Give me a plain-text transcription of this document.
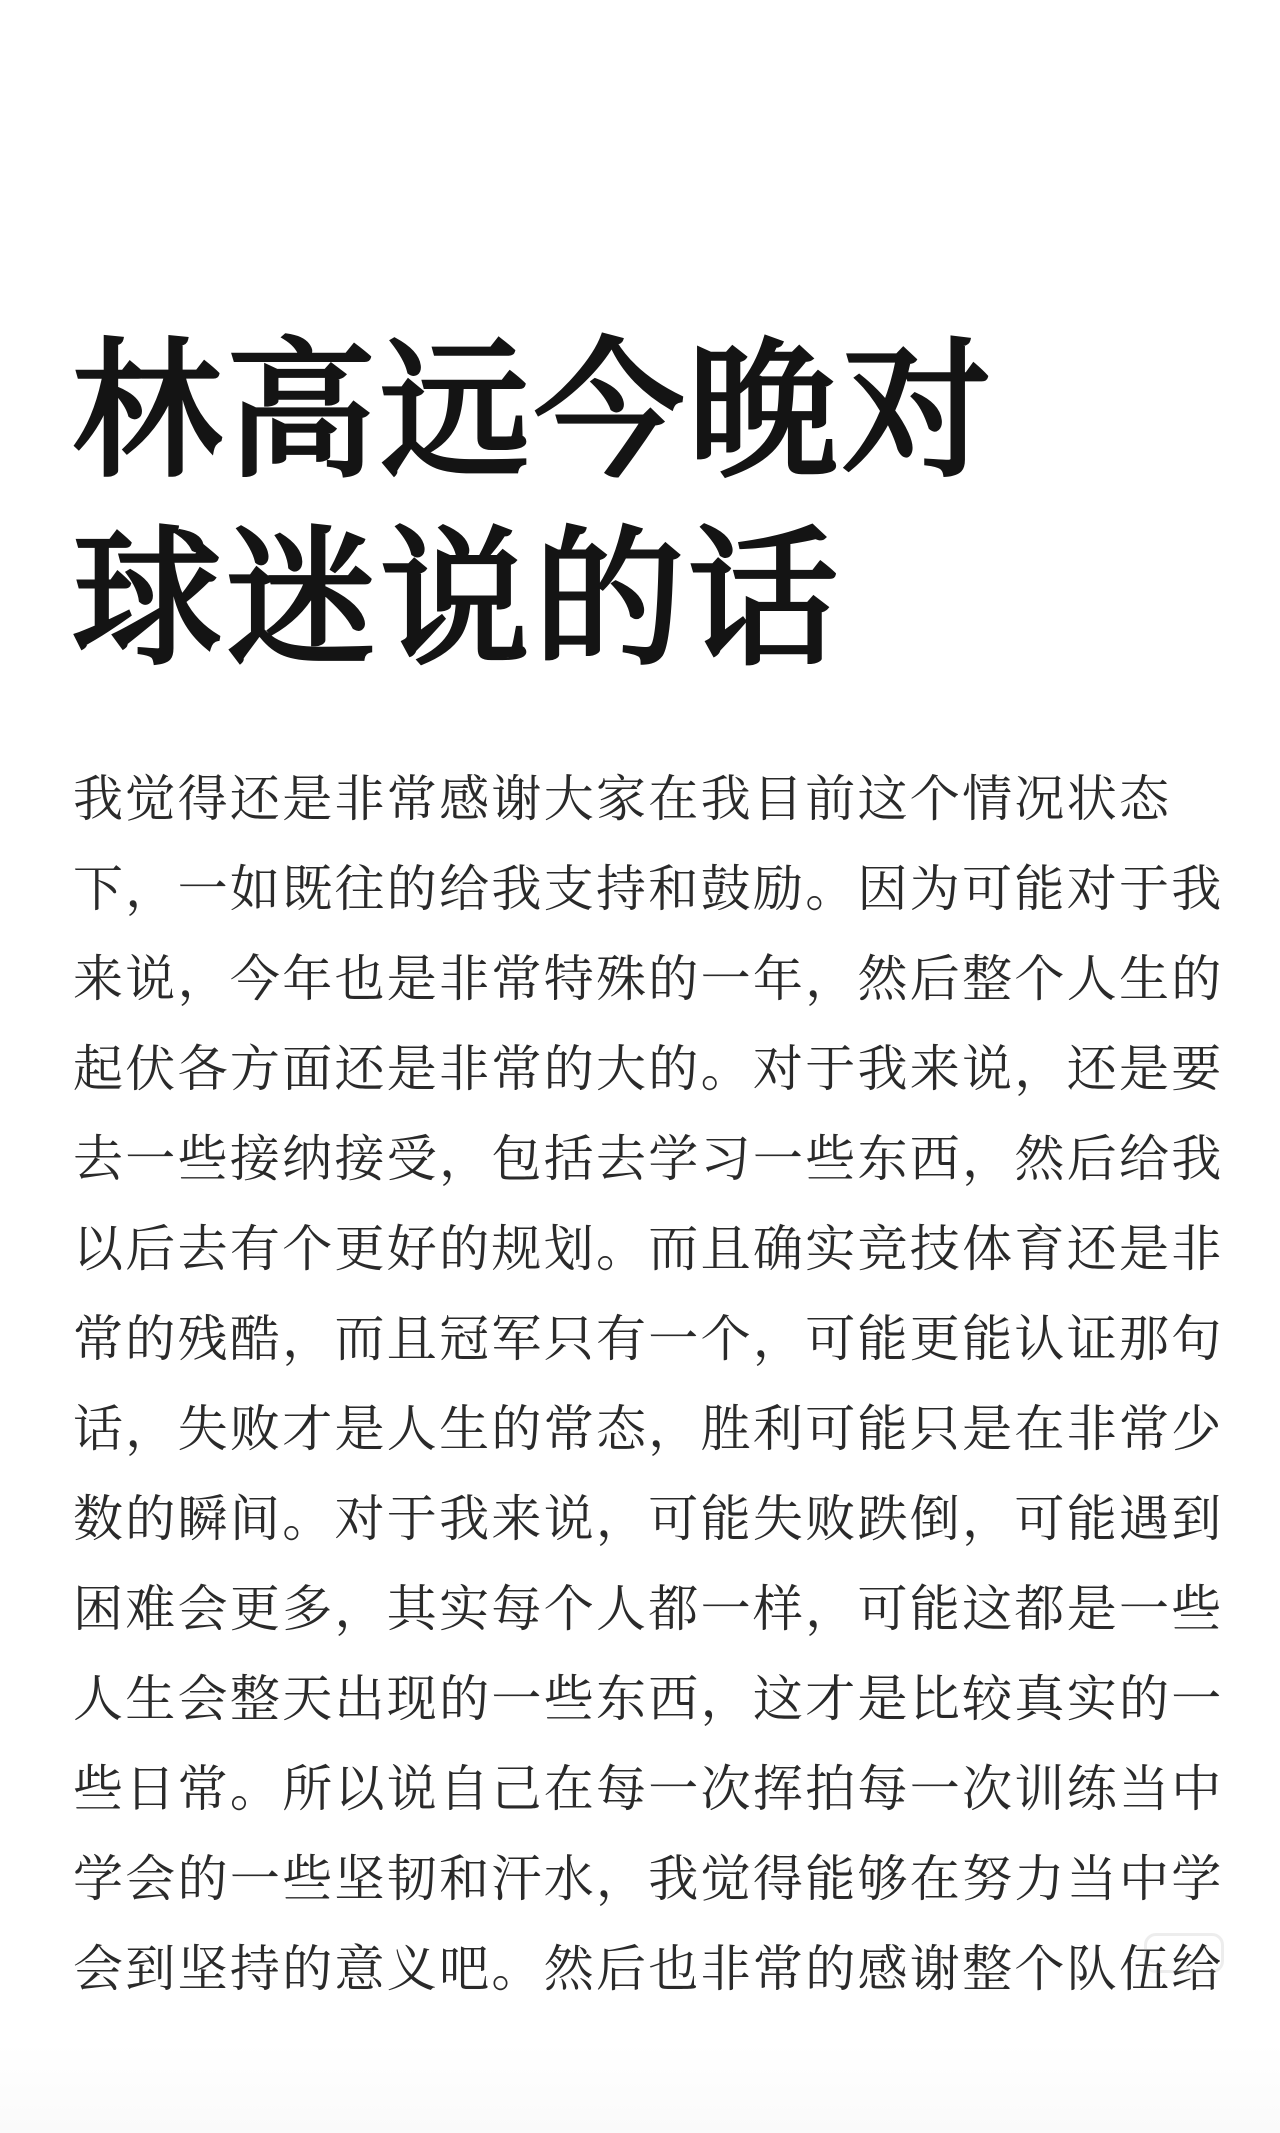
林高远今晚对
球迷说的话
我觉得还是非常感谢大家在我目前这个情况状态
下，一如既往的给我支持和鼓励。因为可能对于我
来说，今年也是非常特殊的一年，然后整个人生的
起伏各方面还是非常的大的。对于我来说，还是要
去一些接纳接受，包括去学习一些东西，然后给我
以后去有个更好的规划。而且确实竞技体育还是非
常的残酷，而且冠军只有一个，可能更能认证那句
话，失败才是人生的常态，胜利可能只是在非常少
数的瞬间。对于我来说，可能失败跌倒，可能遇到
困难会更多，其实每个人都一样，可能这都是一些
人生会整天出现的一些东西，这才是比较真实的一
些日常。所以说自己在每一次挥拍每一次训练当中
学会的一些坚韧和汗水，我觉得能够在努力当中学
会到坚持的意义吧。然后也非常的感谢整个队伍给
